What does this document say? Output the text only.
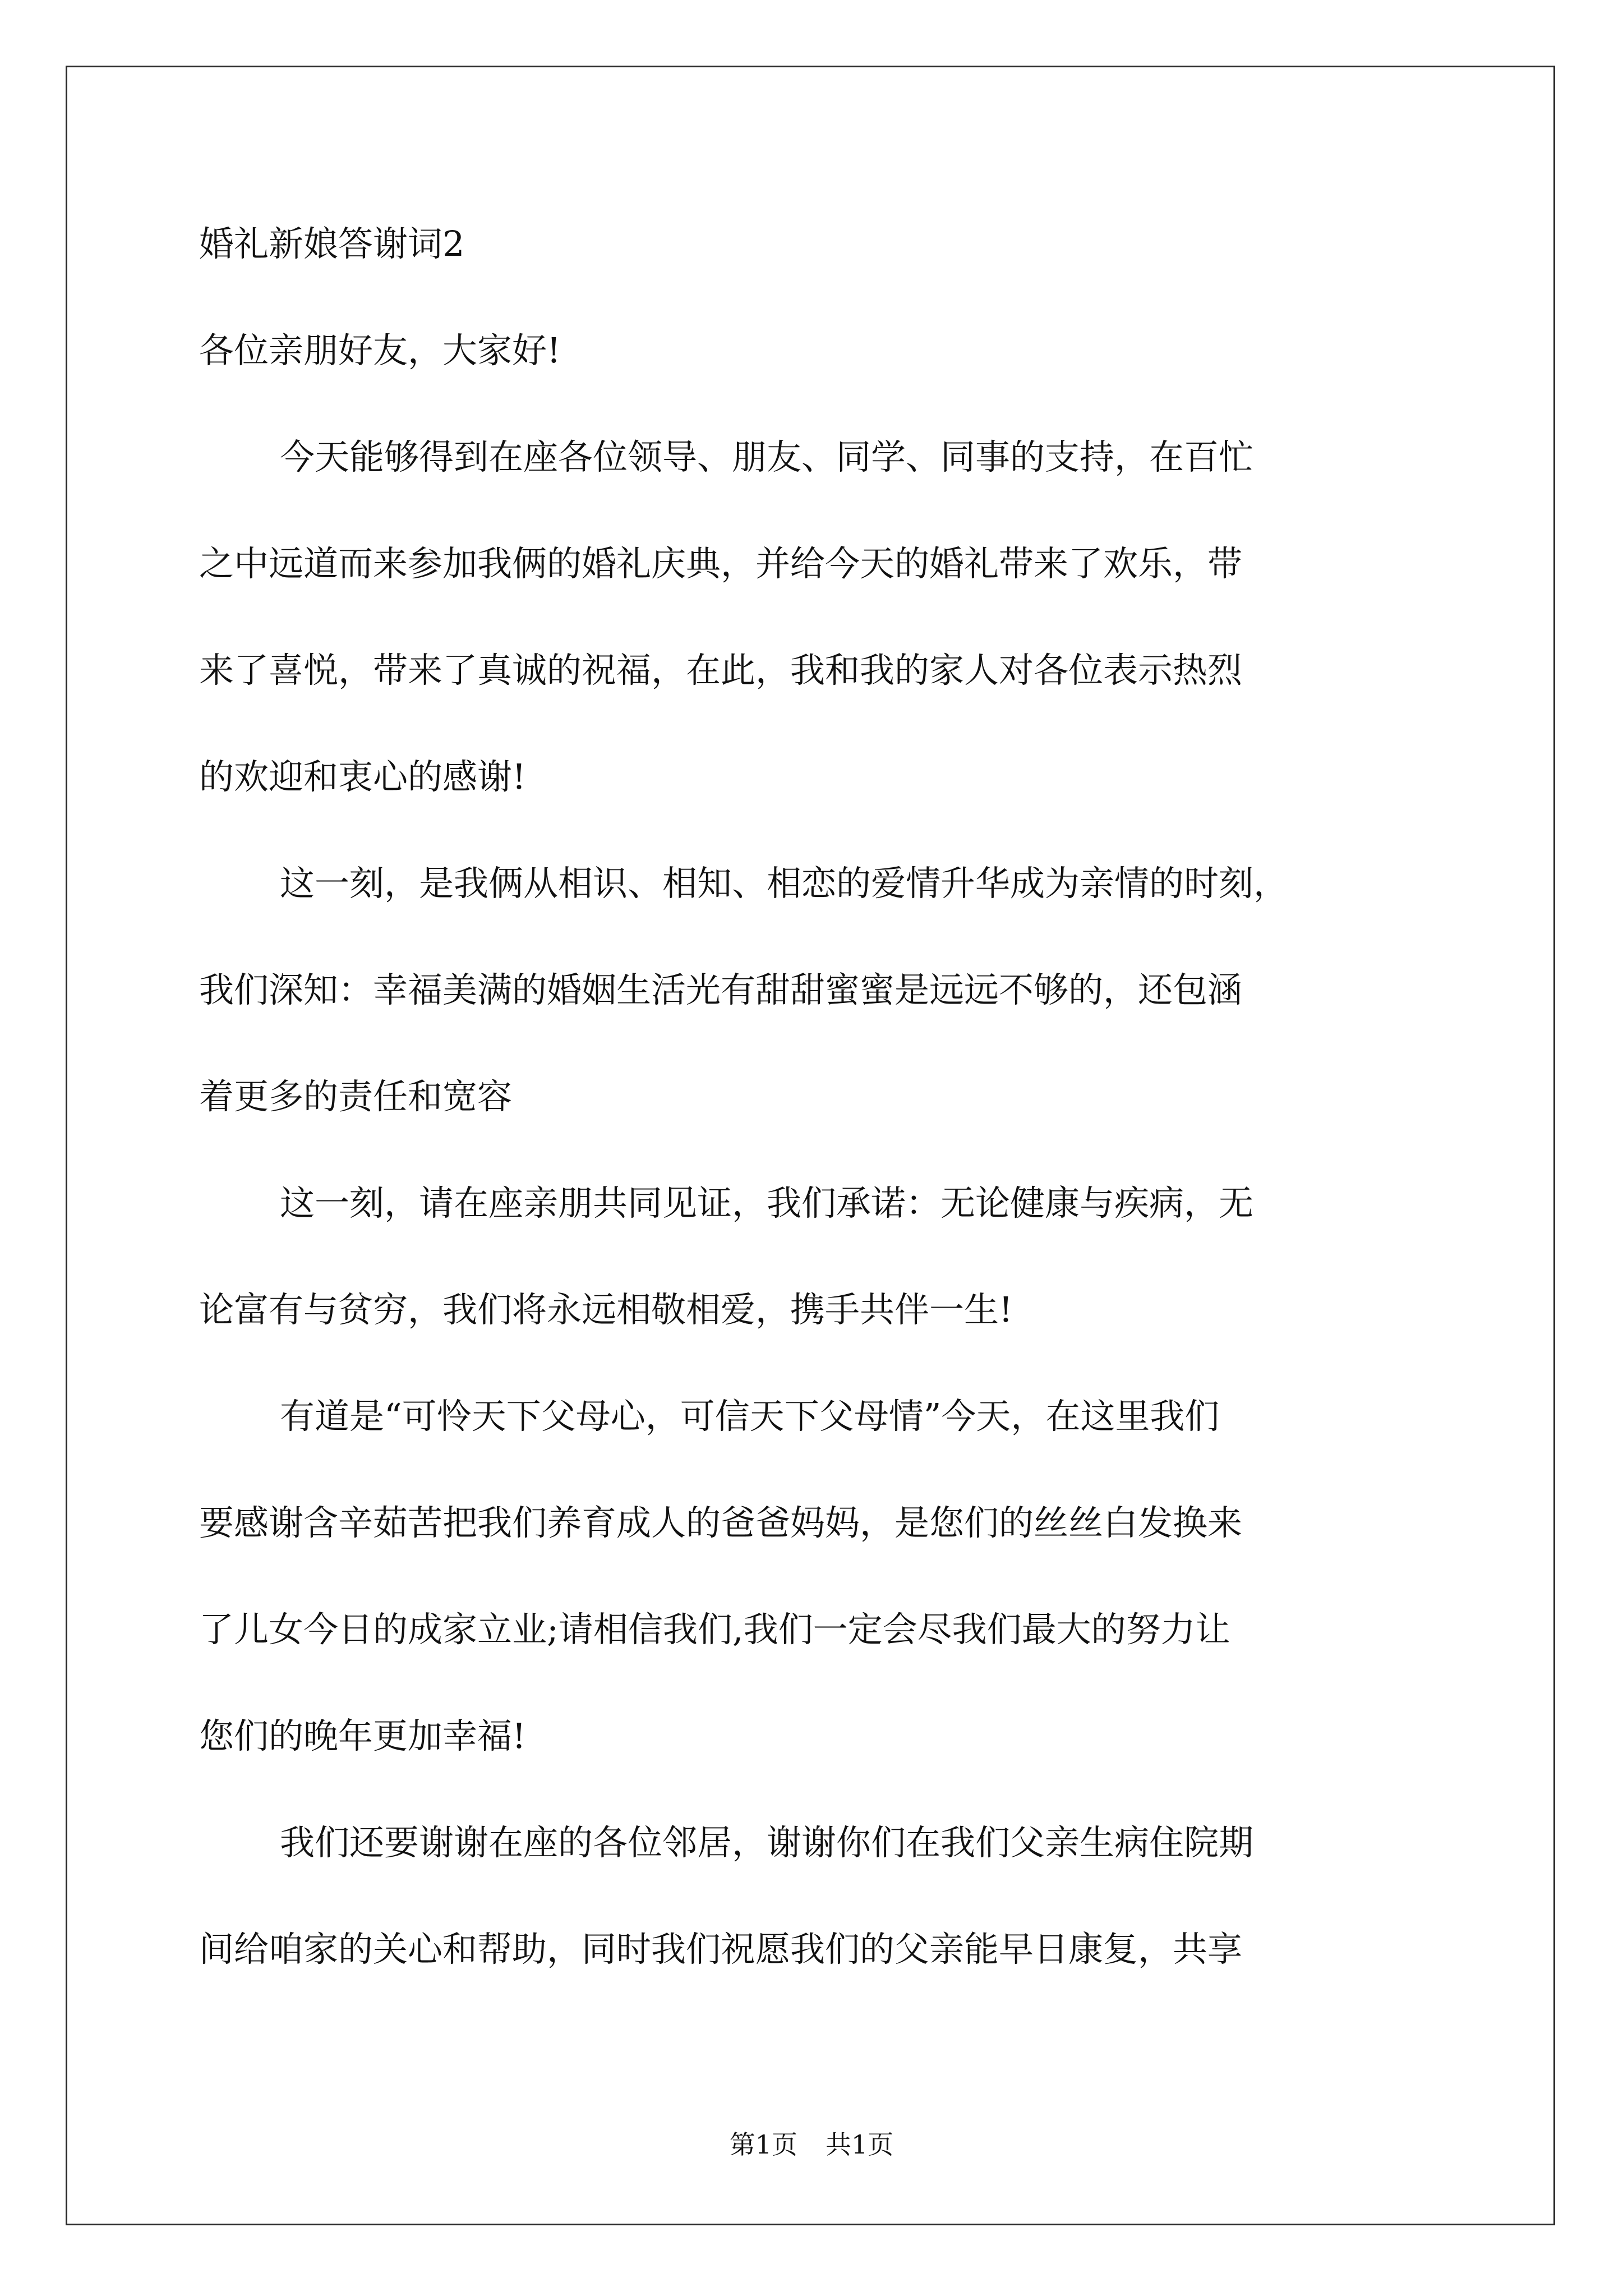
婚礼新娘答谢词2

各位亲朋好友，大家好!

今天能够得到在座各位领导、朋友、同学、同事的支持，在百忙
之中远道而来参加我俩的婚礼庆典，并给今天的婚礼带来了欢乐，带
来了喜悦，带来了真诚的祝福，在此，我和我的家人对各位表示热烈
的欢迎和衷心的感谢!
这一刻，是我俩从相识、相知、相恋的爱情升华成为亲情的时刻，
我们深知：幸福美满的婚姻生活光有甜甜蜜蜜是远远不够的，还包涵
着更多的责任和宽容
这一刻，请在座亲朋共同见证，我们承诺：无论健康与疾病，无
论富有与贫穷，我们将永远相敬相爱，携手共伴一生!
有道是“可怜天下父母心，可信天下父母情”今天，在这里我们
要感谢含辛茹苦把我们养育成人的爸爸妈妈，是您们的丝丝白发换来
了儿女今日的成家立业;请相信我们,我们一定会尽我们最大的努力让
您们的晚年更加幸福!
我们还要谢谢在座的各位邻居，谢谢你们在我们父亲生病住院期
间给咱家的关心和帮助，同时我们祝愿我们的父亲能早日康复，共享
第1页 共1页
